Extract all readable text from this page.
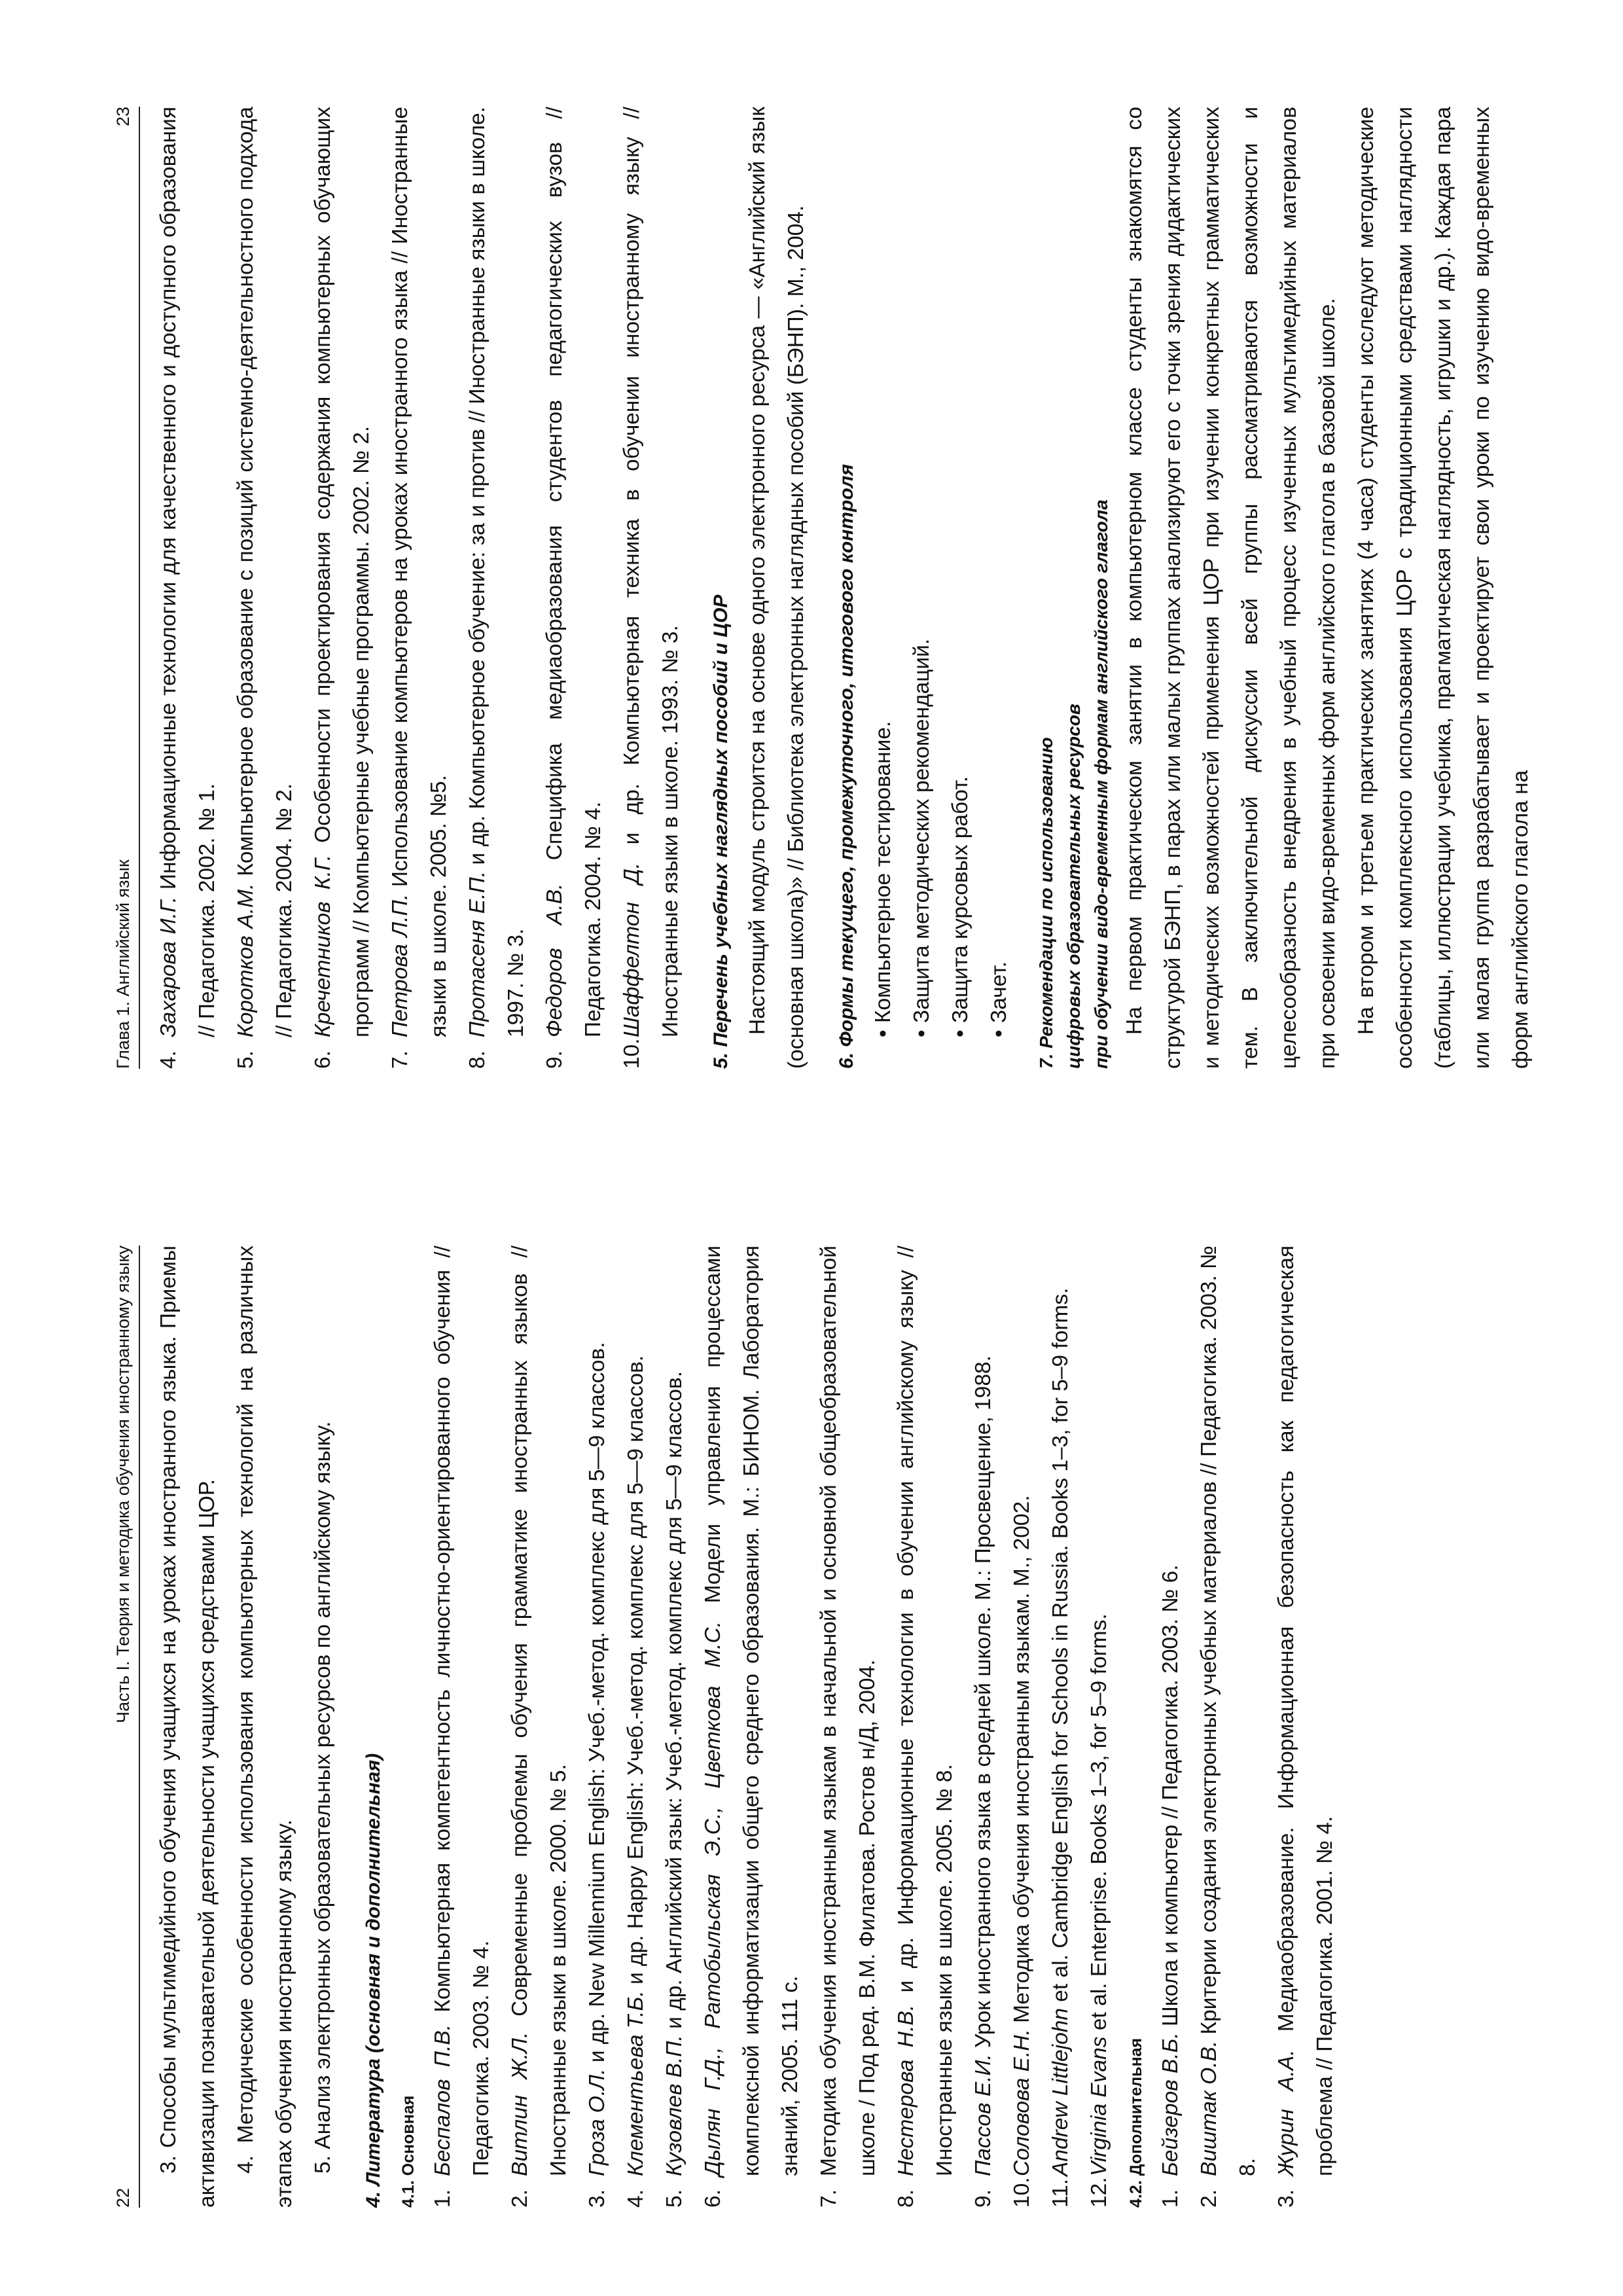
22
Часть I. Теория и методика обучения иностранному языку	3. Способы мультимедийного обучения учащихся на уроках иностранного языка. Приемы активизации познавательной деятельности учащихся средствами ЦОР. 4. Методические особенности использования компьютерных технологий на различных этапах обучения иностранному языку. 5. Анализ электронных образовательных ресурсов по английскому языку.	4. Литература (основная и дополнительная) 4.1. Основная 1.
Беспалов П.В. Компьютерная компетентность личностно-ориентированного обучения // Педагогика. 2003. № 4.
2.
Витлин Ж.Л. Современные проблемы обучения грамматике иностранных языков // Иностранные языки в школе. 2000. № 5.
3.
Гроза О.Л. и др. New Millennium English: Учеб.-метод. комплекс для 5—9 классов.
4.
Клементьева Т.Б. и др. Happy English: Учеб.-метод. комплекс для 5—9 классов.
5.
Кузовлев В.П. и др. Английский язык: Учеб.-метод. комплекс для 5—9 классов.
6.
Дылян Г.Д., Ратобыльская Э.С., Цветкова М.С. Модели управления процессами комплексной информатизации общего среднего образования. М.: БИНОМ. Лаборатория знаний, 2005. 111 с.
7.
Методика обучения иностранным языкам в начальной и основной общеобразовательной школе / Под ред. В.М. Филатова. Ростов н/Д, 2004.
8.
Нестерова Н.В. и др. Информационные технологии в обучении английскому языку // Иностранные языки в школе. 2005. № 8.
9.
Пассов Е.И. Урок иностранного языка в средней школе. М.: Просвещение, 1988.
10.
Соловова Е.Н. Методика обучения иностранным языкам. М., 2002.
11.
Andrew Littlejohn et al. Cambridge English for Schools in Russia. Books 1–3, for 5–9 forms.
12.
Virginia Evans et al. Enterprise. Books 1–3, for 5–9 forms.
4.2. Дополнительная 1.
Бейзеров В.Б. Школа и компьютер // Педагогика. 2003. № 6.
2.
Виштак О.В. Критерии создания электронных учебных материалов // Педагогика. 2003. № 8.
3.
Журин А.А. Медиаобразование. Информационная безопасность как педагогическая проблема // Педагогика. 2001. № 4.
Глава 1. Английский язык
23
4.
Захарова И.Г. Информационные технологии для качественного и доступного образования // Педагогика. 2002. № 1.
5.
Коротков А.М. Компьютерное образование с позиций системно-деятельностного подхода // Педагогика. 2004. № 2.
6.
Кречетников К.Г. Особенности проектирования содержания компьютерных обучающих программ // Компьютерные учебные программы. 2002. № 2.
7.
Петрова Л.П. Использование компьютеров на уроках иностранного языка // Иностранные языки в школе. 2005. №5.
8.
Протасеня Е.П. и др. Компьютерное обучение: за и против // Иностранные языки в школе. 1997. № 3.
9.
Федоров А.В. Специфика медиаобразования студентов педагогических вузов // Педагогика. 2004. № 4.
10.
Шаффелтон Д. и др. Компьютерная техника в обучении иностранному языку // Иностранные языки в школе. 1993. № 3.	5. Перечень учебных наглядных пособий и ЦОР Настоящий модуль строится на основе одного электронного ресурса — «Английский язык (основная школа)» // Библиотека электронных наглядных пособий (БЭНП). М., 2004.	6. Формы текущего, промежуточного, итогового контроля •Компьютерное тестирование.
•Защита методических рекомендаций.
•Защита курсовых работ.
•Зачет.	7. Рекомендации по использованию цифровых образовательных ресурсов при обучении видо-временным формам английского глагола На первом практическом занятии в компьютерном классе студенты знакомятся со структурой БЭНП, в парах или малых группах анализируют его с точки зрения дидактических и методических возможностей применения ЦОР при изучении конкретных грамматических тем. В заключительной дискуссии всей группы рассматриваются возможности и целесообразность внедрения в учебный процесс изученных мультимедийных материалов при освоении видо-временных форм английского глагола в базовой школе. На втором и третьем практических занятиях (4 часа) студенты исследуют методические особенности комплексного использования ЦОР с традиционными средствами наглядности (таблицы, иллюстрации учебника, прагматическая наглядность, игрушки и др.). Каждая пара или малая группа разрабатывает и проектирует свои уроки по изучению видо-временных форм английского глагола на
